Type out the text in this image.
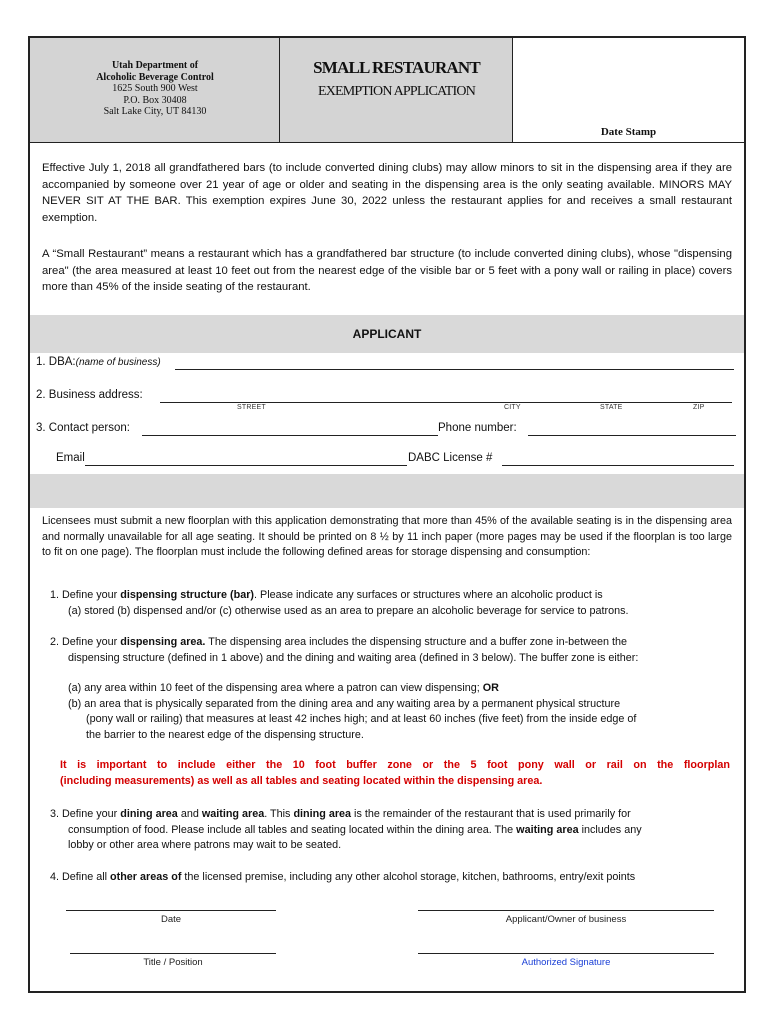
Utah Department of
Alcoholic Beverage Control
1625 South 900 West
P.O. Box 30408
Salt Lake City, UT 84130
SMALL RESTAURANT
EXEMPTION APPLICATION
Date Stamp
Effective July 1, 2018 all grandfathered bars (to include converted dining clubs) may allow minors to sit in the dispensing area if they are accompanied by someone over 21 year of age or older and seating in the dispensing area is the only seating available. MINORS MAY NEVER SIT AT THE BAR. This exemption expires June 30, 2022 unless the restaurant applies for and receives a small restaurant exemption.
A “Small Restaurant” means a restaurant which has a grandfathered bar structure (to include converted dining clubs), whose "dispensing area" (the area measured at least 10 feet out from the nearest edge of the visible bar or 5 feet with a pony wall or railing in place) covers more than 45% of the inside seating of the restaurant.
APPLICANT
1. DBA:(name of business)
2. Business address:
STREET	CITY	STATE	ZIP
3. Contact person:	Phone number:
Email	DABC License #
Licensees must submit a new floorplan with this application demonstrating that more than 45% of the available seating is in the dispensing area and normally unavailable for all age seating. It should be printed on 8 ½ by 11 inch paper (more pages may be used if the floorplan is too large to fit on one page). The floorplan must include the following defined areas for storage dispensing and consumption:
1. Define your dispensing structure (bar). Please indicate any surfaces or structures where an alcoholic product is
(a) stored (b) dispensed and/or (c) otherwise used as an area to prepare an alcoholic beverage for service to patrons.
2. Define your dispensing area. The dispensing area includes the dispensing structure and a buffer zone in-between the
dispensing structure (defined in 1 above) and the dining and waiting area (defined in 3 below). The buffer zone is either:
(a) any area within 10 feet of the dispensing area where a patron can view dispensing; OR
(b) an area that is physically separated from the dining area and any waiting area by a permanent physical structure
(pony wall or railing) that measures at least 42 inches high; and at least 60 inches (five feet) from the inside edge of
the barrier to the nearest edge of the dispensing structure.
It is important to include either the 10 foot buffer zone or the 5 foot pony wall or rail on the floorplan
(including measurements) as well as all tables and seating located within the dispensing area.
3. Define your dining area and waiting area. This dining area is the remainder of the restaurant that is used primarily for
consumption of food. Please include all tables and seating located within the dining area. The waiting area includes any
lobby or other area where patrons may wait to be seated.
4. Define all other areas of the licensed premise, including any other alcohol storage, kitchen, bathrooms, entry/exit points
Date	Applicant/Owner of business
Title / Position	Authorized Signature
